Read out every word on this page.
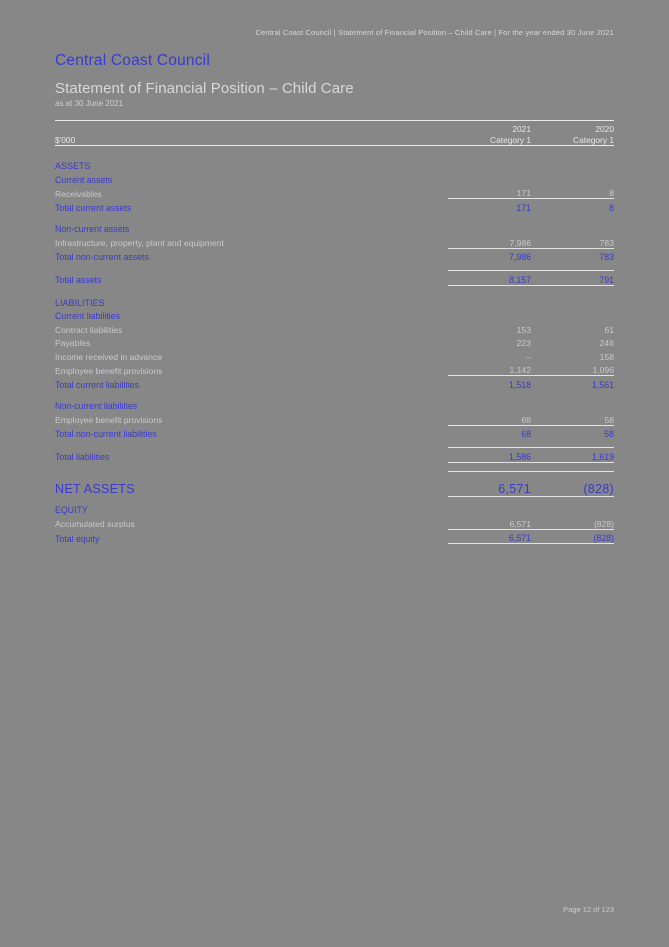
Central Coast Council | Statement of Financial Position – Child Care | For the year ended 30 June 2021
Central Coast Council
Statement of Financial Position – Child Care
as at 30 June 2021

	2021	2020
$'000	Category 1	Category 1

ASSETS		
Current assets		
Receivables	171	8
Total current assets	171	8

Non-current assets		
Infrastructure, property, plant and equipment	7,986	783
Total non-current assets	7,986	783

Total assets	8,157	791

LIABILITIES		
Current liabilities		
Contract liabilities	153	61
Payables	223	246
Income received in advance	–	158
Employee benefit provisions	1,142	1,096
Total current liabilities	1,518	1,561

Non-current liabilities		
Employee benefit provisions	68	58
Total non-current liabilities	68	58

Total liabilities	1,586	1,619

NET ASSETS	6,571	(828)

EQUITY		
Accumulated surplus	6,571	(828)
Total equity	6,571	(828)
Page 12 of 123
